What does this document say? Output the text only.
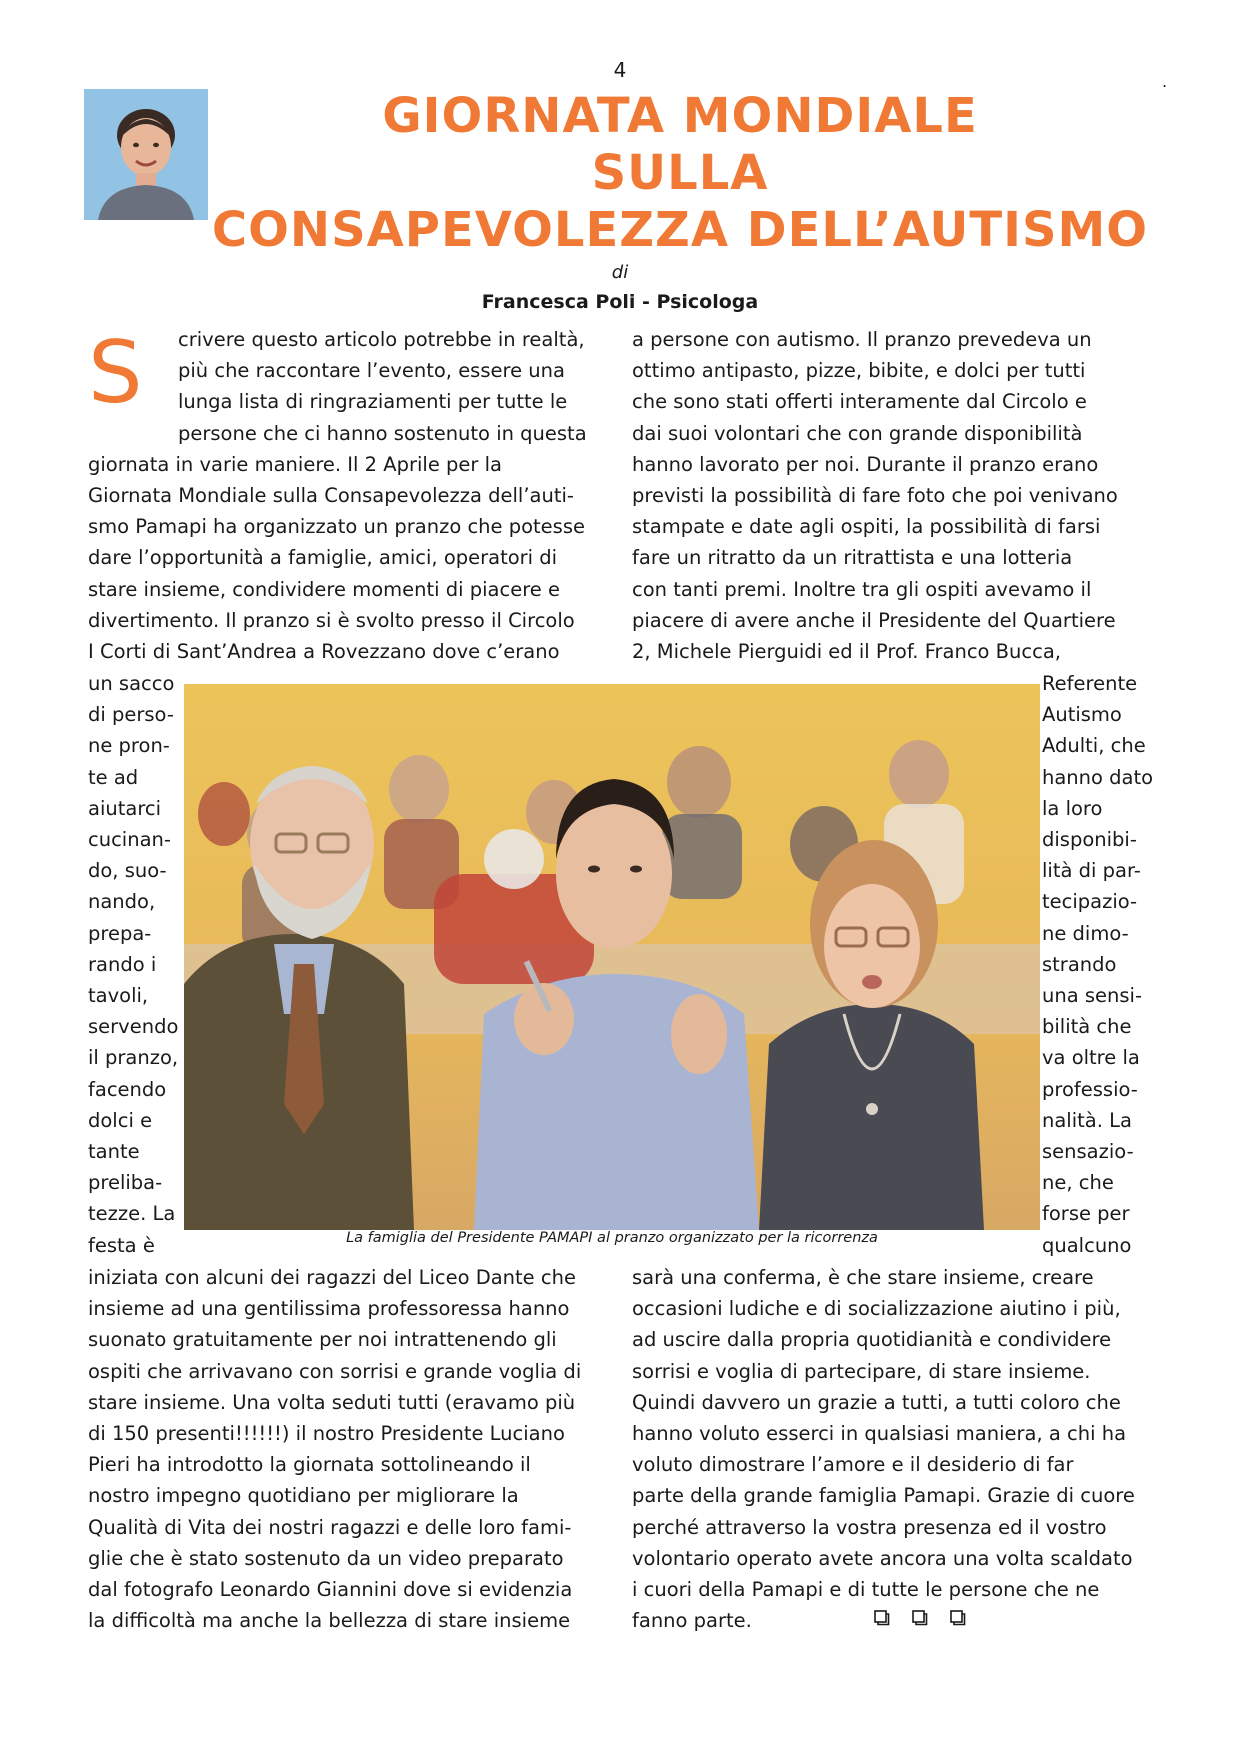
4	.
GIORNATA MONDIALE
SULLA
CONSAPEVOLEZZA DELL’AUTISMO
di
Francesca Poli - Psicologa
S crivere questo articolo potrebbe in realtà,
più che raccontare l’evento, essere una
lunga lista di ringraziamenti per tutte le
persone che ci hanno sostenuto in questa
giornata in varie maniere. Il 2 Aprile per la
Giornata Mondiale sulla Consapevolezza dell’auti-
smo Pamapi ha organizzato un pranzo che potesse
dare l’opportunità a famiglie, amici, operatori di
stare insieme, condividere momenti di piacere e
divertimento. Il pranzo si è svolto presso il Circolo
I Corti di Sant’Andrea a Rovezzano dove c’erano
a persone con autismo. Il pranzo prevedeva un
ottimo antipasto, pizze, bibite, e dolci per tutti
che sono stati offerti interamente dal Circolo e
dai suoi volontari che con grande disponibilità
hanno lavorato per noi. Durante il pranzo erano
previsti la possibilità di fare foto che poi venivano
stampate e date agli ospiti, la possibilità di farsi
fare un ritratto da un ritrattista e una lotteria
con tanti premi. Inoltre tra gli ospiti avevamo il
piacere di avere anche il Presidente del Quartiere
2, Michele Pierguidi ed il Prof. Franco Bucca,
un sacco
di perso-
ne pron-
te ad
aiutarci
cucinan-
do, suo-
nando,
prepa-
rando i
tavoli,
servendo
il pranzo,
facendo
dolci e
tante
preliba-
tezze. La
festa è
Referente
Autismo
Adulti, che
hanno dato
la loro
disponibi-
lità di par-
tecipazio-
ne dimo-
strando
una sensi-
bilità che
va oltre la
professio-
nalità. La
sensazio-
ne, che
forse per
qualcuno
iniziata con alcuni dei ragazzi del Liceo Dante che
insieme ad una gentilissima professoressa hanno
suonato gratuitamente per noi intrattenendo gli
ospiti che arrivavano con sorrisi e grande voglia di
stare insieme. Una volta seduti tutti (eravamo più
di 150 presenti!!!!!!) il nostro Presidente Luciano
Pieri ha introdotto la giornata sottolineando il
nostro impegno quotidiano per migliorare la
Qualità di Vita dei nostri ragazzi e delle loro fami-
glie che è stato sostenuto da un video preparato
dal fotografo Leonardo Giannini dove si evidenzia
la difficoltà ma anche la bellezza di stare insieme
sarà una conferma, è che stare insieme, creare
occasioni ludiche e di socializzazione aiutino i più,
ad uscire dalla propria quotidianità e condividere
sorrisi e voglia di partecipare, di stare insieme.
Quindi davvero un grazie a tutti, a tutti coloro che
hanno voluto esserci in qualsiasi maniera, a chi ha
voluto dimostrare l’amore e il desiderio di far
parte della grande famiglia Pamapi. Grazie di cuore
perché attraverso la vostra presenza ed il vostro
volontario operato avete ancora una volta scaldato
i cuori della Pamapi e di tutte le persone che ne
fanno parte.
La famiglia del Presidente PAMAPI al pranzo organizzato per la ricorrenza
